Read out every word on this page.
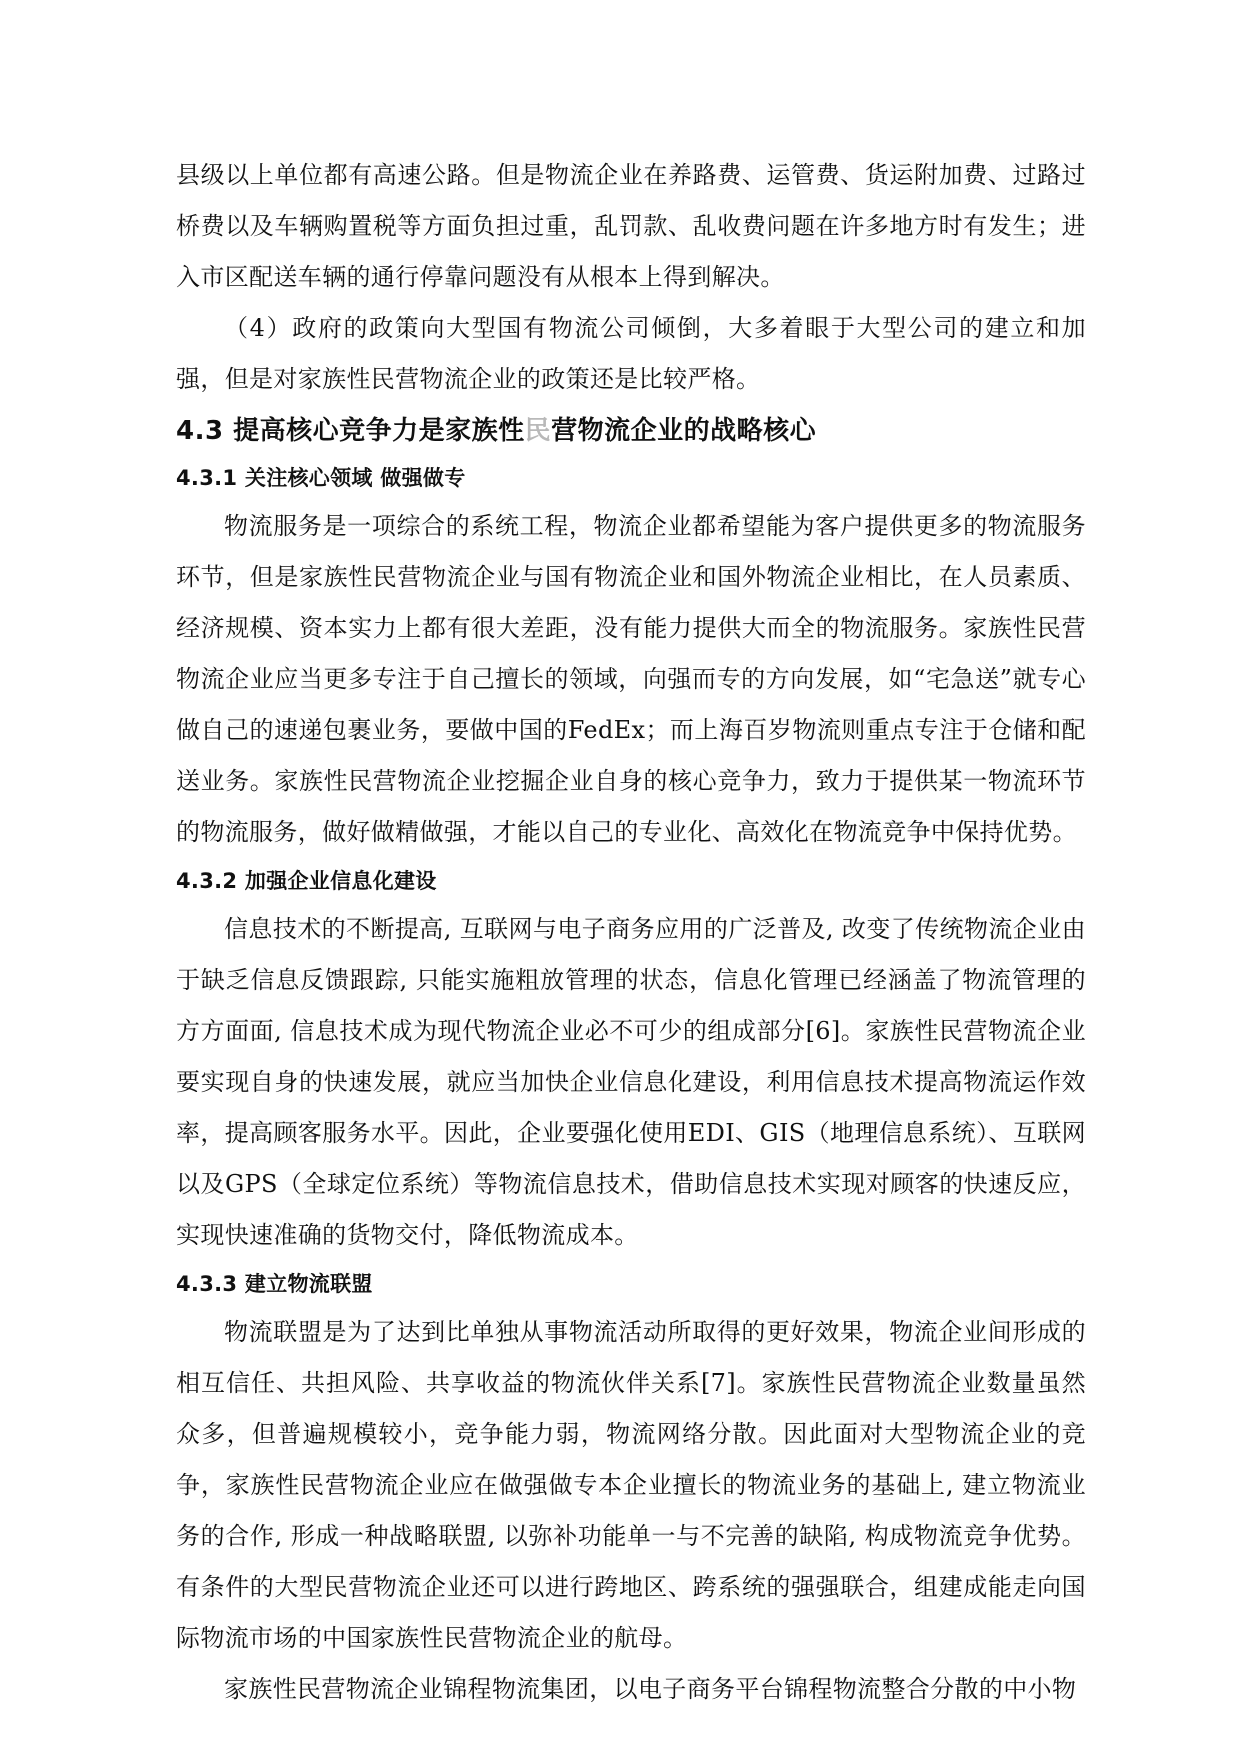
县级以上单位都有高速公路。但是物流企业在养路费、运管费、货运附加费、过路过桥费以及车辆购置税等方面负担过重，乱罚款、乱收费问题在许多地方时有发生；进入市区配送车辆的通行停靠问题没有从根本上得到解决。

（4）政府的政策向大型国有物流公司倾倒，大多着眼于大型公司的建立和加强，但是对家族性民营物流企业的政策还是比较严格。

4.3 提高核心竞争力是家族性民营物流企业的战略核心
4.3.1 关注核心领域 做强做专

物流服务是一项综合的系统工程，物流企业都希望能为客户提供更多的物流服务环节，但是家族性民营物流企业与国有物流企业和国外物流企业相比，在人员素质、经济规模、资本实力上都有很大差距，没有能力提供大而全的物流服务。家族性民营物流企业应当更多专注于自己擅长的领域，向强而专的方向发展，如“宅急送”就专心做自己的速递包裹业务，要做中国的FedEx；而上海百岁物流则重点专注于仓储和配送业务。家族性民营物流企业挖掘企业自身的核心竞争力，致力于提供某一物流环节的物流服务，做好做精做强，才能以自己的专业化、高效化在物流竞争中保持优势。

4.3.2 加强企业信息化建设

信息技术的不断提高, 互联网与电子商务应用的广泛普及, 改变了传统物流企业由于缺乏信息反馈跟踪, 只能实施粗放管理的状态，信息化管理已经涵盖了物流管理的方方面面, 信息技术成为现代物流企业必不可少的组成部分[6]。家族性民营物流企业要实现自身的快速发展，就应当加快企业信息化建设，利用信息技术提高物流运作效率，提高顾客服务水平。因此，企业要强化使用EDI、GIS（地理信息系统）、互联网以及GPS（全球定位系统）等物流信息技术，借助信息技术实现对顾客的快速反应，实现快速准确的货物交付，降低物流成本。

4.3.3 建立物流联盟

物流联盟是为了达到比单独从事物流活动所取得的更好效果，物流企业间形成的相互信任、共担风险、共享收益的物流伙伴关系[7]。家族性民营物流企业数量虽然众多，但普遍规模较小，竞争能力弱，物流网络分散。因此面对大型物流企业的竞争，家族性民营物流企业应在做强做专本企业擅长的物流业务的基础上, 建立物流业务的合作, 形成一种战略联盟, 以弥补功能单一与不完善的缺陷, 构成物流竞争优势。有条件的大型民营物流企业还可以进行跨地区、跨系统的强强联合，组建成能走向国际物流市场的中国家族性民营物流企业的航母。

家族性民营物流企业锦程物流集团，以电子商务平台锦程物流整合分散的中小物
